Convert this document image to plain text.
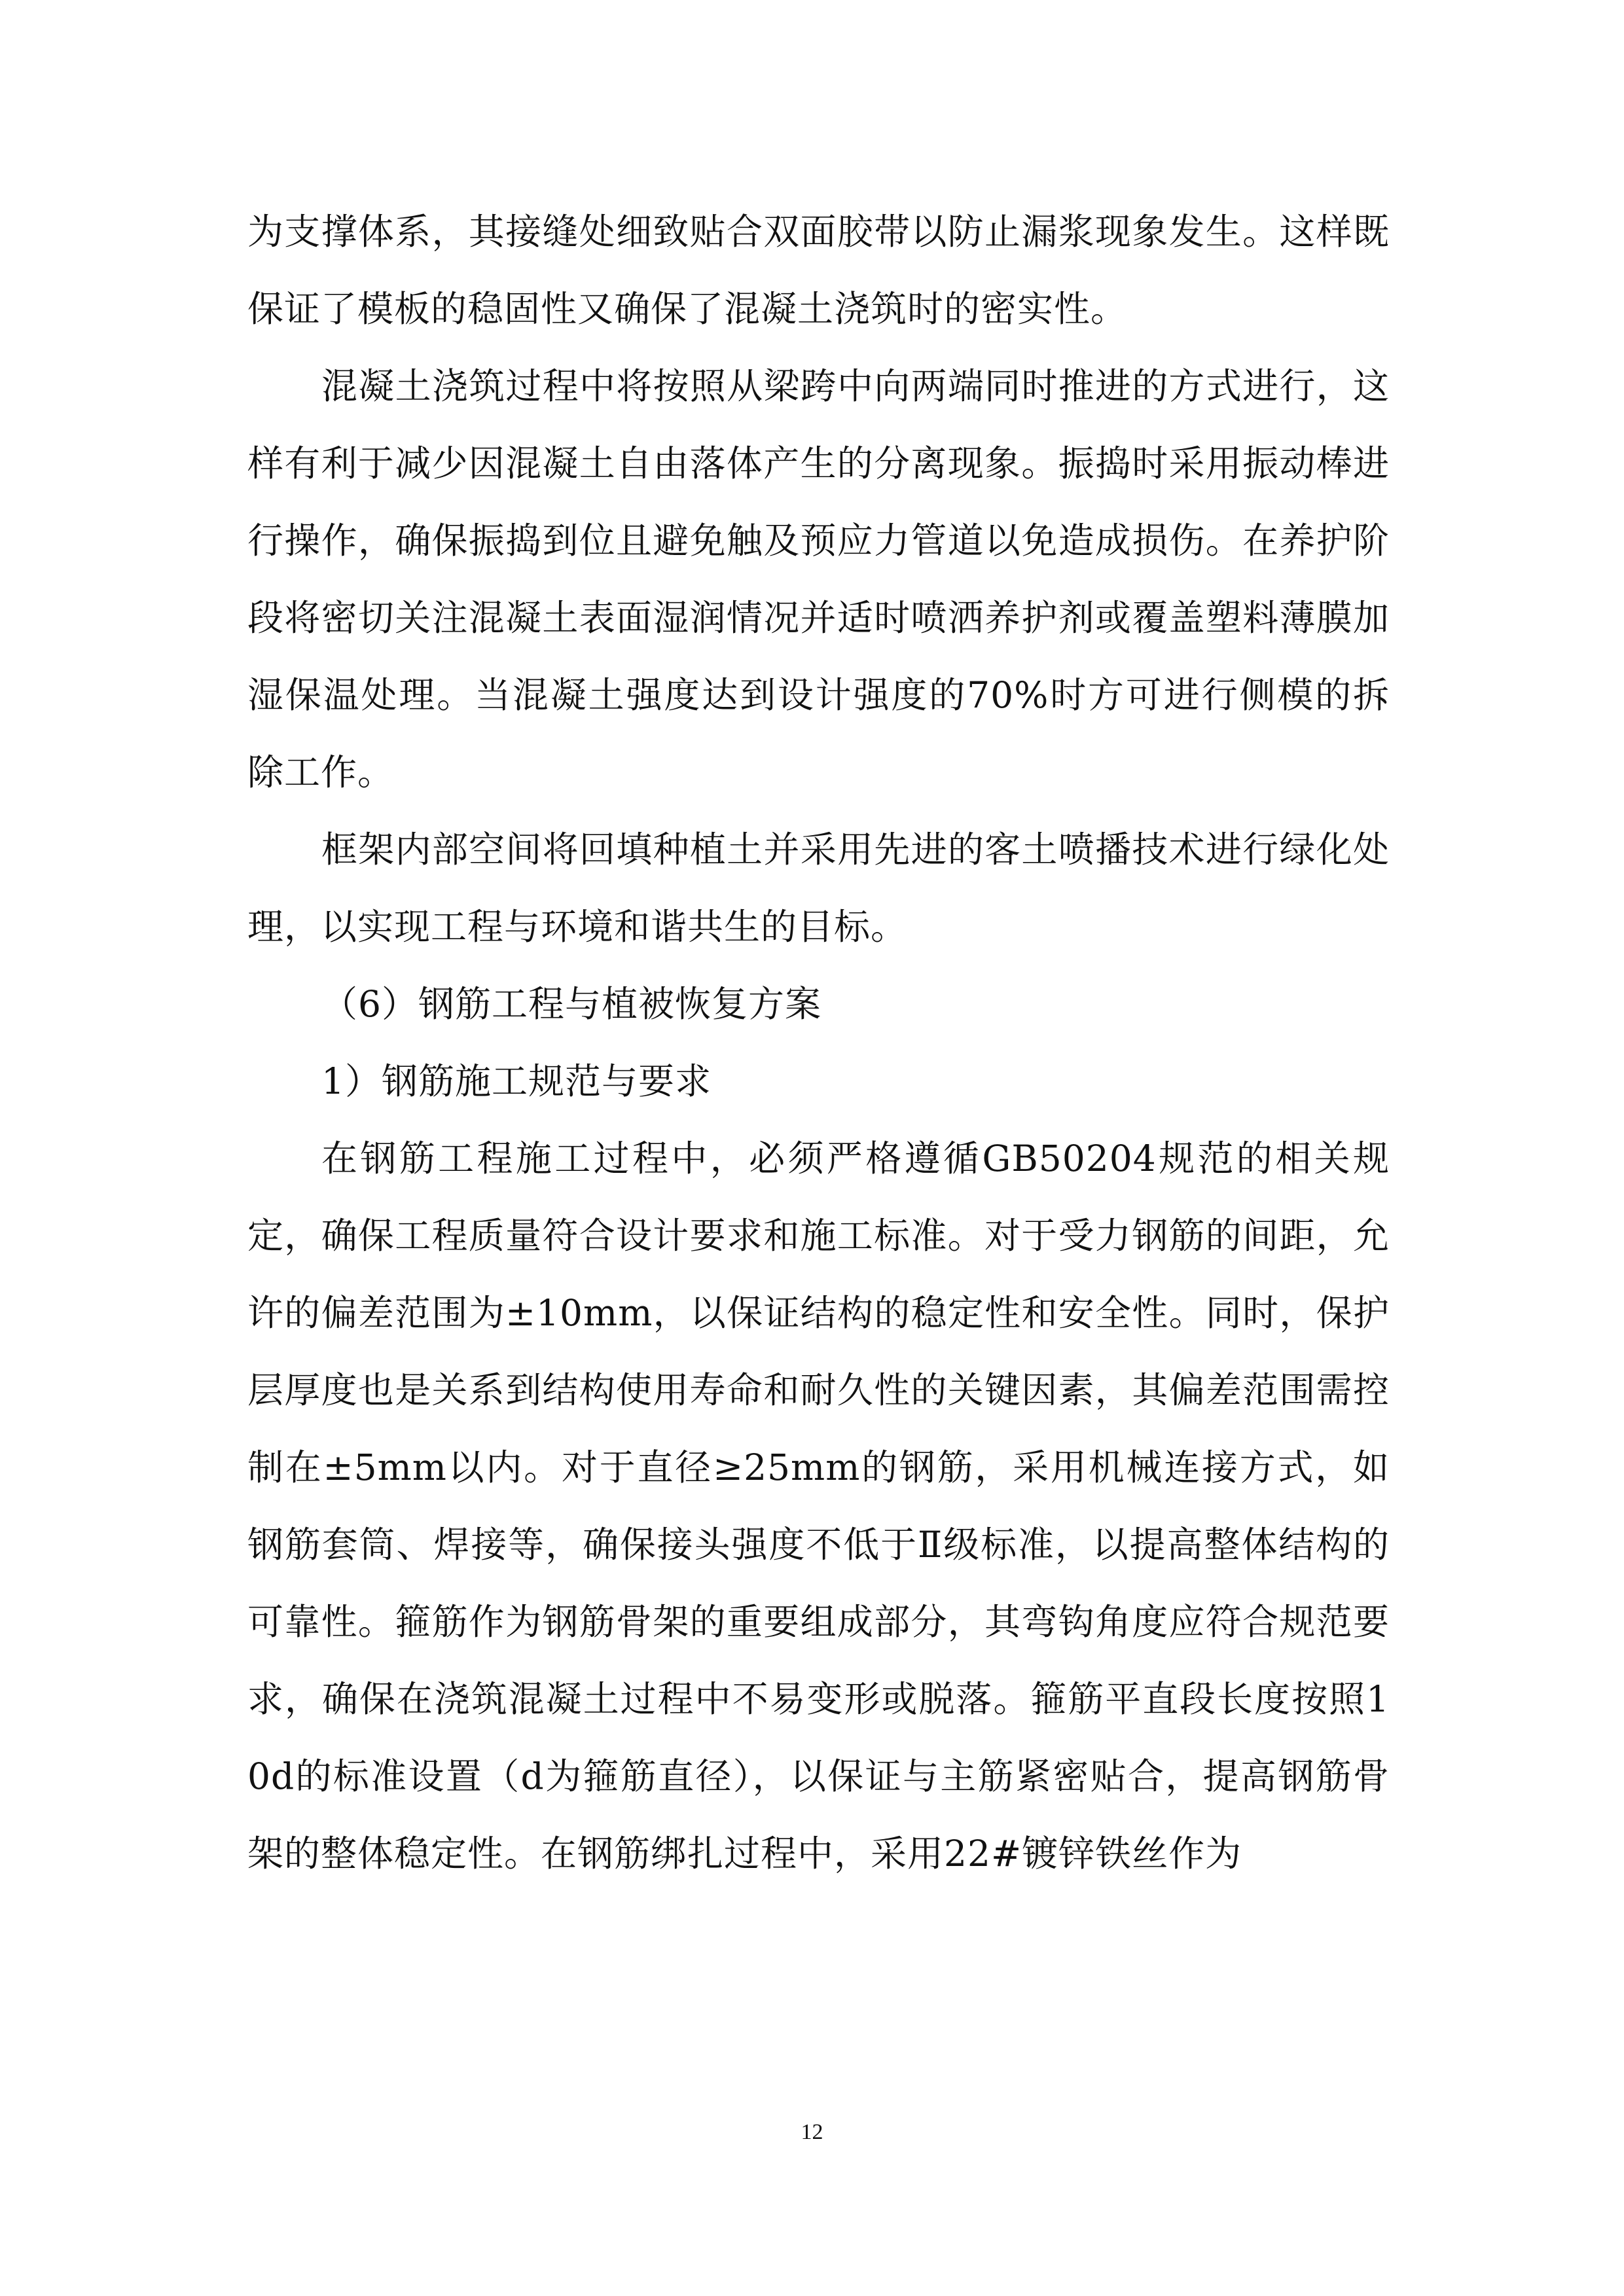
为支撑体系，其接缝处细致贴合双面胶带以防止漏浆现象发生。这样既保证了模板的稳固性又确保了混凝土浇筑时的密实性。

混凝土浇筑过程中将按照从梁跨中向两端同时推进的方式进行，这样有利于减少因混凝土自由落体产生的分离现象。振捣时采用振动棒进行操作，确保振捣到位且避免触及预应力管道以免造成损伤。在养护阶段将密切关注混凝土表面湿润情况并适时喷洒养护剂或覆盖塑料薄膜加湿保温处理。当混凝土强度达到设计强度的70%时方可进行侧模的拆除工作。

框架内部空间将回填种植土并采用先进的客土喷播技术进行绿化处理，以实现工程与环境和谐共生的目标。

（6）钢筋工程与植被恢复方案

1）钢筋施工规范与要求

在钢筋工程施工过程中，必须严格遵循GB50204规范的相关规定，确保工程质量符合设计要求和施工标准。对于受力钢筋的间距，允许的偏差范围为±10mm，以保证结构的稳定性和安全性。同时，保护层厚度也是关系到结构使用寿命和耐久性的关键因素，其偏差范围需控制在±5mm以内。对于直径≥25mm的钢筋，采用机械连接方式，如钢筋套筒、焊接等，确保接头强度不低于Ⅱ级标准，以提高整体结构的可靠性。箍筋作为钢筋骨架的重要组成部分，其弯钩角度应符合规范要求，确保在浇筑混凝土过程中不易变形或脱落。箍筋平直段长度按照10d的标准设置（d为箍筋直径），以保证与主筋紧密贴合，提高钢筋骨架的整体稳定性。在钢筋绑扎过程中，采用22#镀锌铁丝作为

12
